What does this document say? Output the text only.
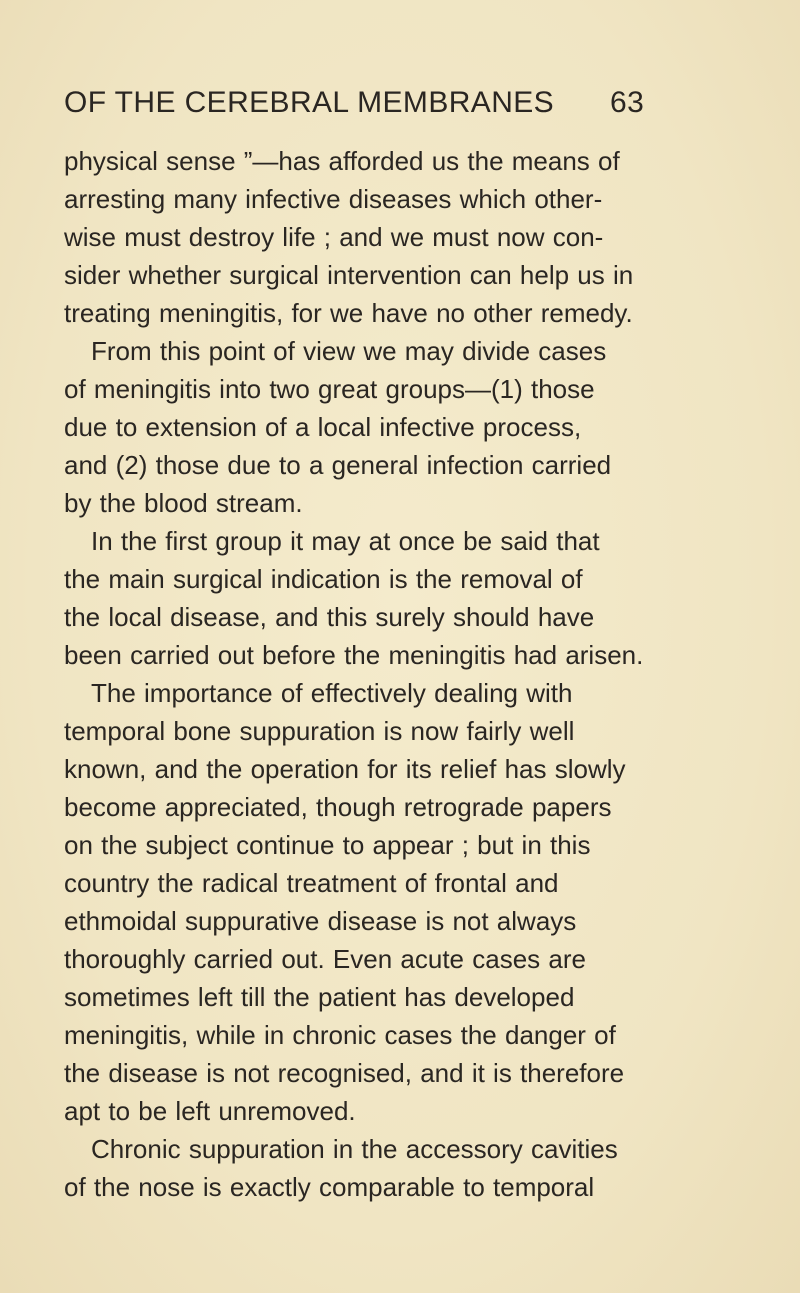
OF THE CEREBRAL MEMBRANES 63
physical sense ”—has afforded us the means of
arresting many infective diseases which other-
wise must destroy life ; and we must now con-
sider whether surgical intervention can help us in
treating meningitis, for we have no other remedy.
From this point of view we may divide cases
of meningitis into two great groups—(1) those
due to extension of a local infective process,
and (2) those due to a general infection carried
by the blood stream.
In the first group it may at once be said that
the main surgical indication is the removal of
the local disease, and this surely should have
been carried out before the meningitis had arisen.
The importance of effectively dealing with
temporal bone suppuration is now fairly well
known, and the operation for its relief has slowly
become appreciated, though retrograde papers
on the subject continue to appear ; but in this
country the radical treatment of frontal and
ethmoidal suppurative disease is not always
thoroughly carried out. Even acute cases are
sometimes left till the patient has developed
meningitis, while in chronic cases the danger of
the disease is not recognised, and it is therefore
apt to be left unremoved.
Chronic suppuration in the accessory cavities
of the nose is exactly comparable to temporal
